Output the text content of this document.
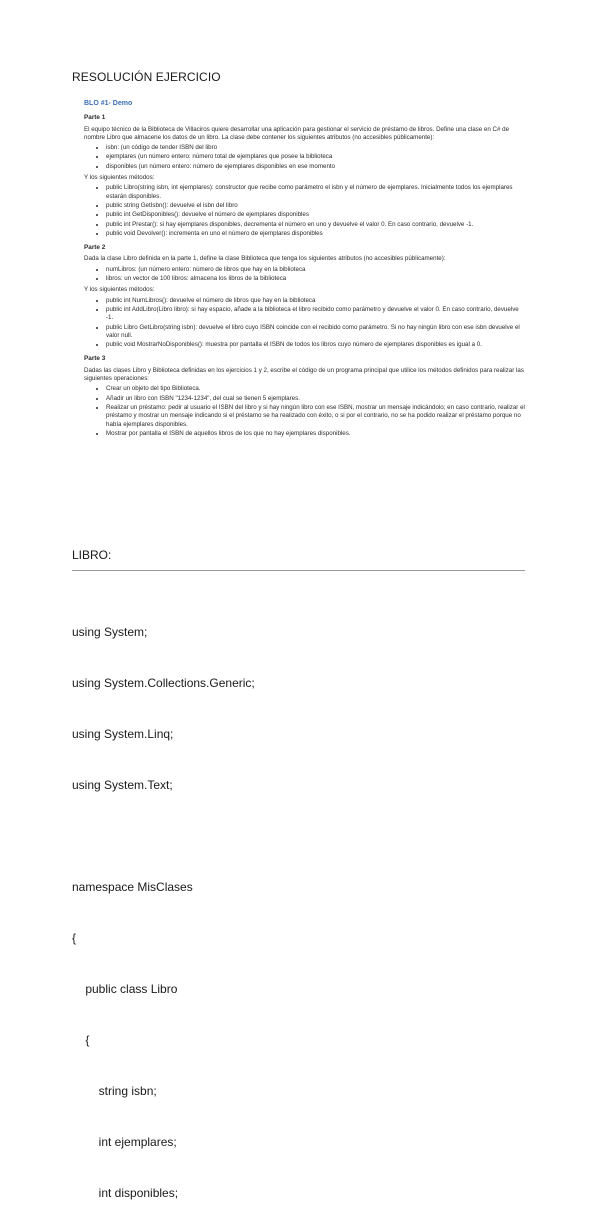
RESOLUCIÓN EJERCICIO
BLO #1- Demo
Parte 1

El equipo técnico de la Biblioteca de Villaciros quiere desarrollar una aplicación para gestionar el servicio de préstamo de libros. Define una clase en C# de nombre Libro que almacene los datos de un libro. La clase debe contener los siguientes atributos (no accesibles públicamente):

• isbn: (un código de tender ISBN del libro
• ejemplares (un número entero: número total de ejemplares que posee la biblioteca
• disponibles (un número entero: número de ejemplares disponibles en ese momento

Y los siguientes métodos:

• public Libro(string isbn, int ejemplares): constructor que recibe como parámetro el isbn y el número de ejemplares. Inicialmente todos los ejemplares estarán disponibles.
• public string GetIsbn(): devuelve el isbn del libro
• public int GetDisponibles(): devuelve el número de ejemplares disponibles
• public int Prestar(): si hay ejemplares disponibles, decrementa el número en uno y devuelve el valor 0. En caso contrario, devuelve -1.
• public void Devolver(): incrementa en uno el número de ejemplares disponibles
Parte 2

Dada la clase Libro definida en la parte 1, define la clase Biblioteca que tenga los siguientes atributos (no accesibles públicamente):

• numLibros: (un número entero: número de libros que hay en la biblioteca
• libros: un vector de 100 libros: almacena los libros de la biblioteca

Y los siguientes métodos:

• public int NumLibros(): devuelve el número de libros que hay en la biblioteca
• public int AddLibro(Libro libro): si hay espacio, añade a la biblioteca el libro recibido como parámetro y devuelve el valor 0. En caso contrario, devuelve -1.
• public Libro GetLibro(string isbn): devuelve el libro cuyo ISBN coincide con el recibido como parámetro. Si no hay ningún libro con ese isbn devuelve el valor null.
• public void MostrarNoDisponibles(): muestra por pantalla el ISBN de todos los libros cuyo número de ejemplares disponibles es igual a 0.
Parte 3

Dadas las clases Libro y Biblioteca definidas en los ejercicios 1 y 2, escribe el código de un programa principal que utilice los métodos definidos para realizar las siguientes operaciones:

• Crear un objeto del tipo Biblioteca.
• Añadir un libro con ISBN "1234-1234", del cual se tienen 5 ejemplares.
• Realizar un préstamo: pedir al usuario el ISBN del libro y si hay ningún libro con ese ISBN, mostrar un mensaje indicándolo; en caso contrario, realizar el préstamo y mostrar un mensaje indicando si el préstamo se ha realizado con éxito, o si por el contrario, no se ha podido realizar el préstamo porque no había ejemplares disponibles.
• Mostrar por pantalla el ISBN de aquellos libros de los que no hay ejemplares disponibles.
LIBRO:

using System;

using System.Collections.Generic;

using System.Linq;

using System.Text;

namespace MisClases

{

public class Libro

{

string isbn;

int ejemplares;

int disponibles;
